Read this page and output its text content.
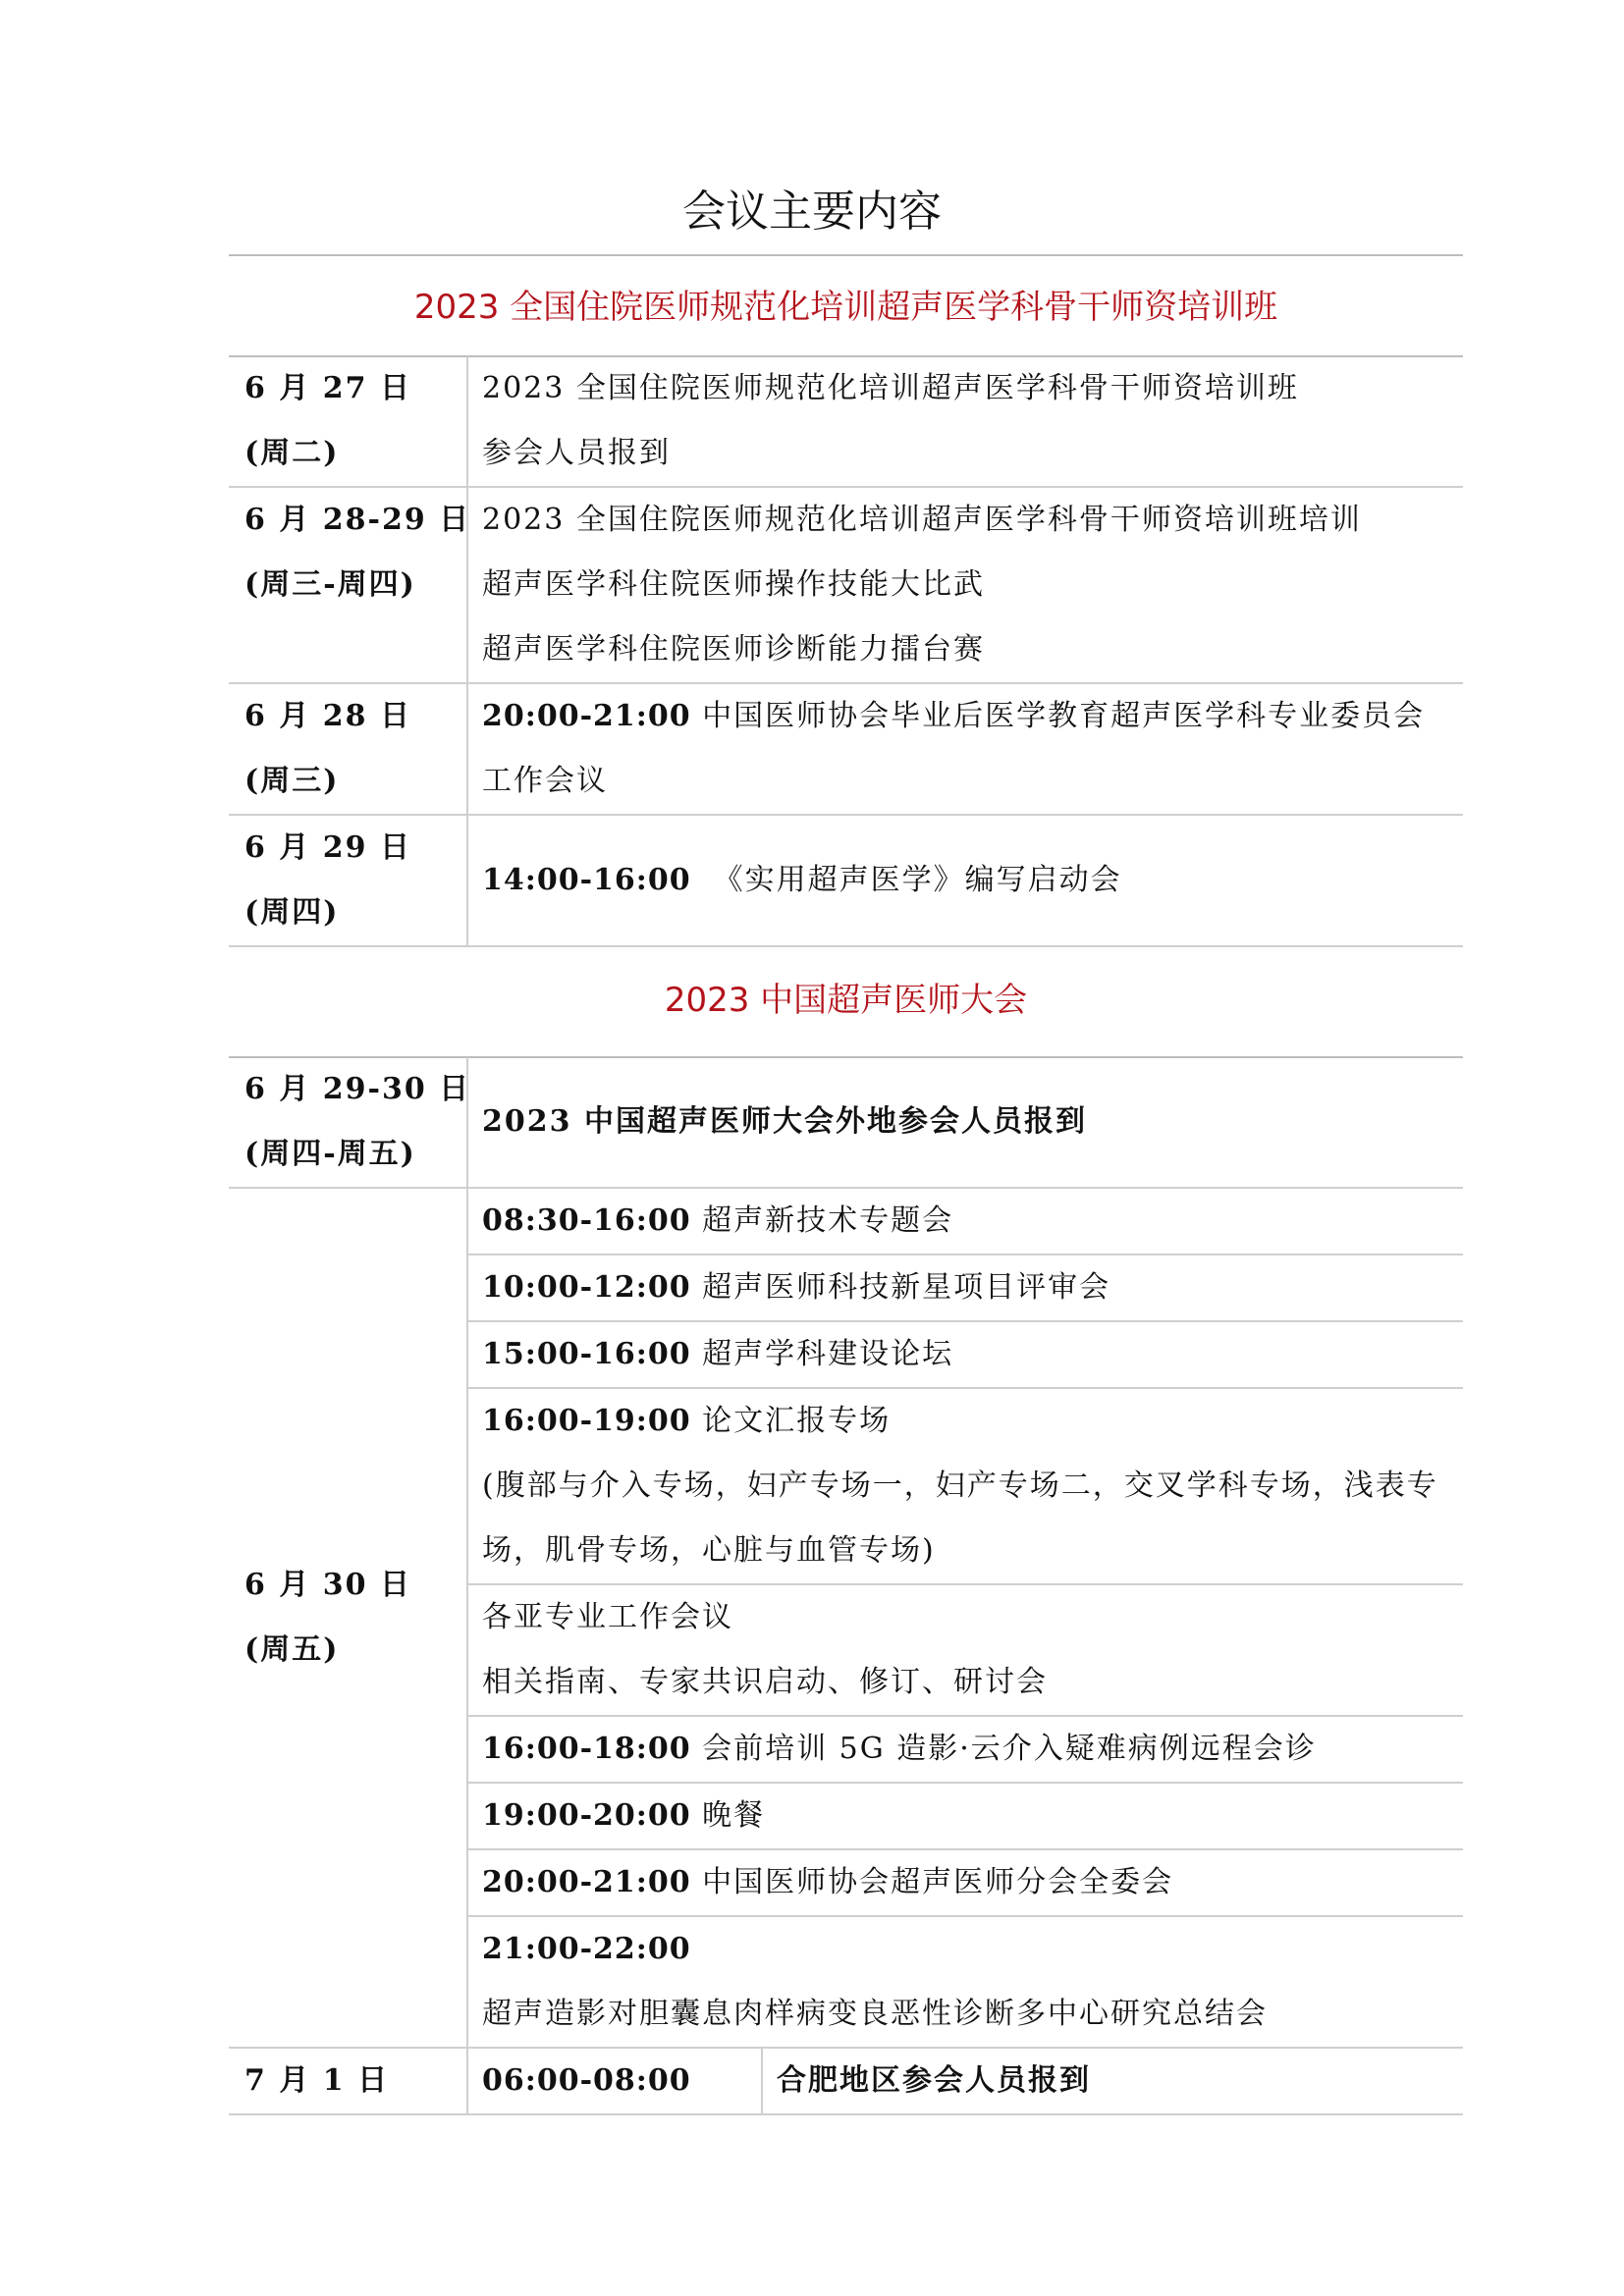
会议主要内容
2023 全国住院医师规范化培训超声医学科骨干师资培训班
6 月 27 日
(周二)	2023 全国住院医师规范化培训超声医学科骨干师资培训班
参会人员报到

6 月 28-29 日
(周三-周四)	2023 全国住院医师规范化培训超声医学科骨干师资培训班培训
超声医学科住院医师操作技能大比武
超声医学科住院医师诊断能力擂台赛

6 月 28 日
(周三)	20:00-21:00 中国医师协会毕业后医学教育超声医学科专业委员会
工作会议

6 月 29 日
(周四)	14:00-16:00 《实用超声医学》编写启动会
2023 中国超声医师大会
6 月 29-30 日
(周四-周五)	2023 中国超声医师大会外地参会人员报到	

6 月 30 日
(周五)	08:30-16:00 超声新技术专题会	

	10:00-12:00 超声医师科技新星项目评审会	

	15:00-16:00 超声学科建设论坛	

	16:00-19:00 论文汇报专场
(腹部与介入专场，妇产专场一，妇产专场二，交叉学科专场，浅表专场，肌骨专场，心脏与血管专场)	

	各亚专业工作会议
相关指南、专家共识启动、修订、研讨会	

	16:00-18:00 会前培训 5G 造影·云介入疑难病例远程会诊	

	19:00-20:00 晚餐	

	20:00-21:00 中国医师协会超声医师分会全委会	

	21:00-22:00
超声造影对胆囊息肉样病变良恶性诊断多中心研究总结会	

7 月 1 日	06:00-08:00	合肥地区参会人员报到
